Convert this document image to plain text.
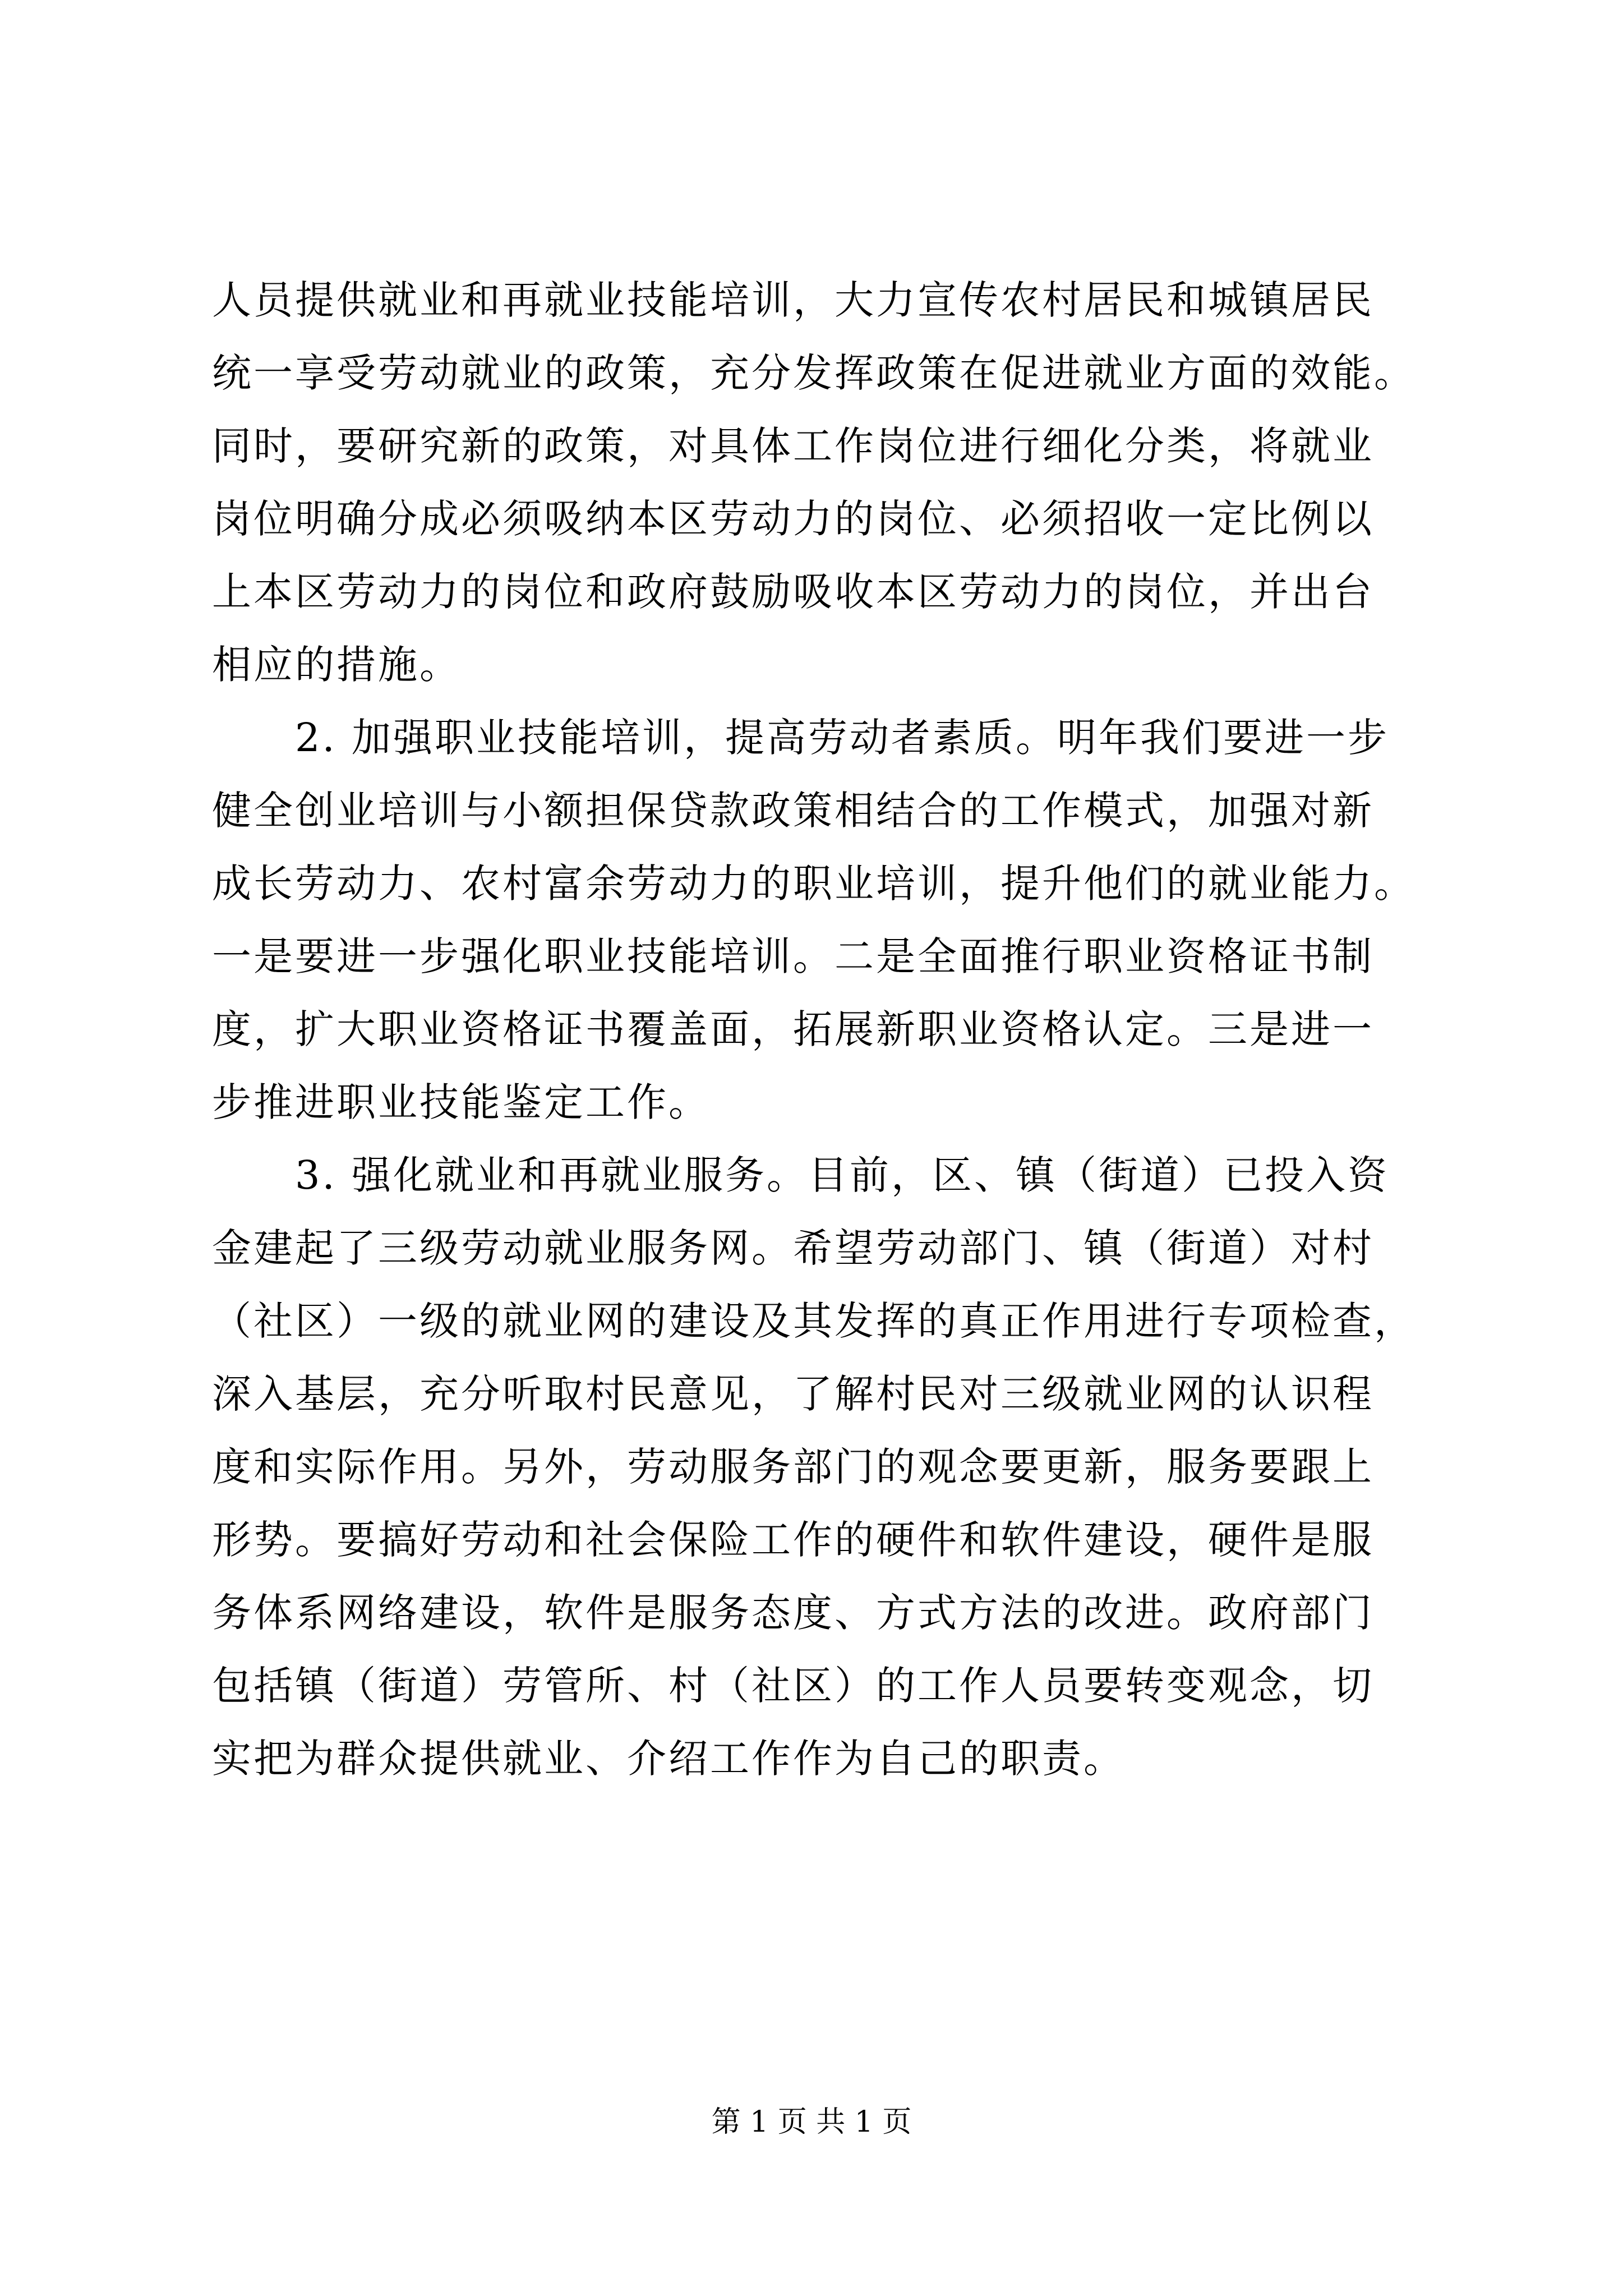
人员提供就业和再就业技能培训，大力宣传农村居民和城镇居民
统一享受劳动就业的政策，充分发挥政策在促进就业方面的效能。
同时，要研究新的政策，对具体工作岗位进行细化分类，将就业
岗位明确分成必须吸纳本区劳动力的岗位、必须招收一定比例以
上本区劳动力的岗位和政府鼓励吸收本区劳动力的岗位，并出台
相应的措施。
2. 加强职业技能培训，提高劳动者素质。明年我们要进一步
健全创业培训与小额担保贷款政策相结合的工作模式，加强对新
成长劳动力、农村富余劳动力的职业培训，提升他们的就业能力。
一是要进一步强化职业技能培训。二是全面推行职业资格证书制
度，扩大职业资格证书覆盖面，拓展新职业资格认定。三是进一
步推进职业技能鉴定工作。
3. 强化就业和再就业服务。目前，区、镇（街道）已投入资
金建起了三级劳动就业服务网。希望劳动部门、镇（街道）对村
（社区）一级的就业网的建设及其发挥的真正作用进行专项检查，
深入基层，充分听取村民意见，了解村民对三级就业网的认识程
度和实际作用。另外，劳动服务部门的观念要更新，服务要跟上
形势。要搞好劳动和社会保险工作的硬件和软件建设，硬件是服
务体系网络建设，软件是服务态度、方式方法的改进。政府部门
包括镇（街道）劳管所、村（社区）的工作人员要转变观念，切
实把为群众提供就业、介绍工作作为自己的职责。
第 1 页 共 1 页
